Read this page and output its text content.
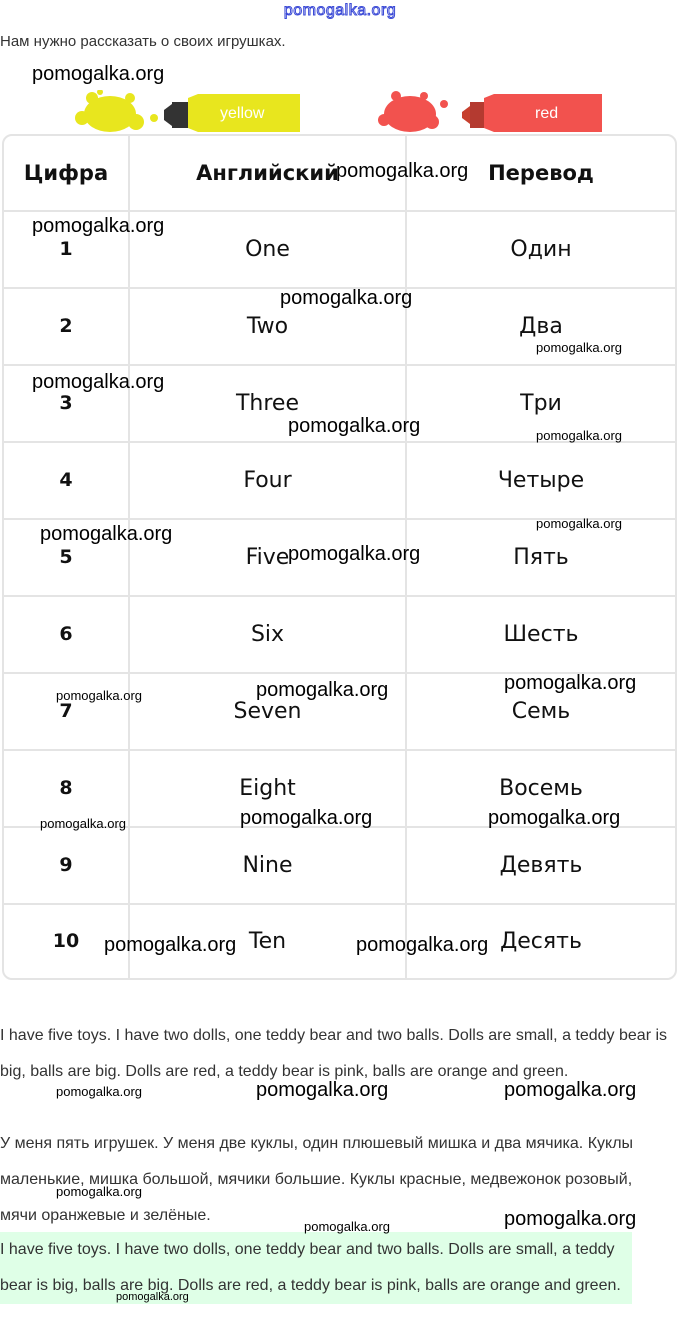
pomogalka.org
Нам нужно рассказать о своих игрушках.
yellow	red
Цифра	Английский	Перевод
1	One	Один
2	Two	Два
3	Three	Три
4	Four	Четыре
5	Five	Пять
6	Six	Шесть
7	Seven	Семь
8	Eight	Восемь
9	Nine	Девять
10	Ten	Десять
I have five toys. I have two dolls, one teddy bear and two balls. Dolls are small, a teddy bear is big, balls are big. Dolls are red, a teddy bear is pink, balls are orange and green.
У меня пять игрушек. У меня две куклы, один плюшевый мишка и два мячика. Куклы маленькие, мишка большой, мячики большие. Куклы красные, медвежонок розовый, мячи оранжевые и зелёные.
I have five toys. I have two dolls, one teddy bear and two balls. Dolls are small, a teddy bear is big, balls are big. Dolls are red, a teddy bear is pink, balls are orange and green.
pomogalka.org
pomogalka.org
pomogalka.org
pomogalka.org
pomogalka.org
pomogalka.org
pomogalka.org	pomogalka.org
pomogalka.org
pomogalka.org
pomogalka.org
pomogalka.org	pomogalka.org	pomogalka.org
pomogalka.org	pomogalka.org	pomogalka.org
pomogalka.org	pomogalka.org
pomogalka.org	pomogalka.org	pomogalka.org
pomogalka.org
pomogalka.org
pomogalka.org
pomogalka.org
